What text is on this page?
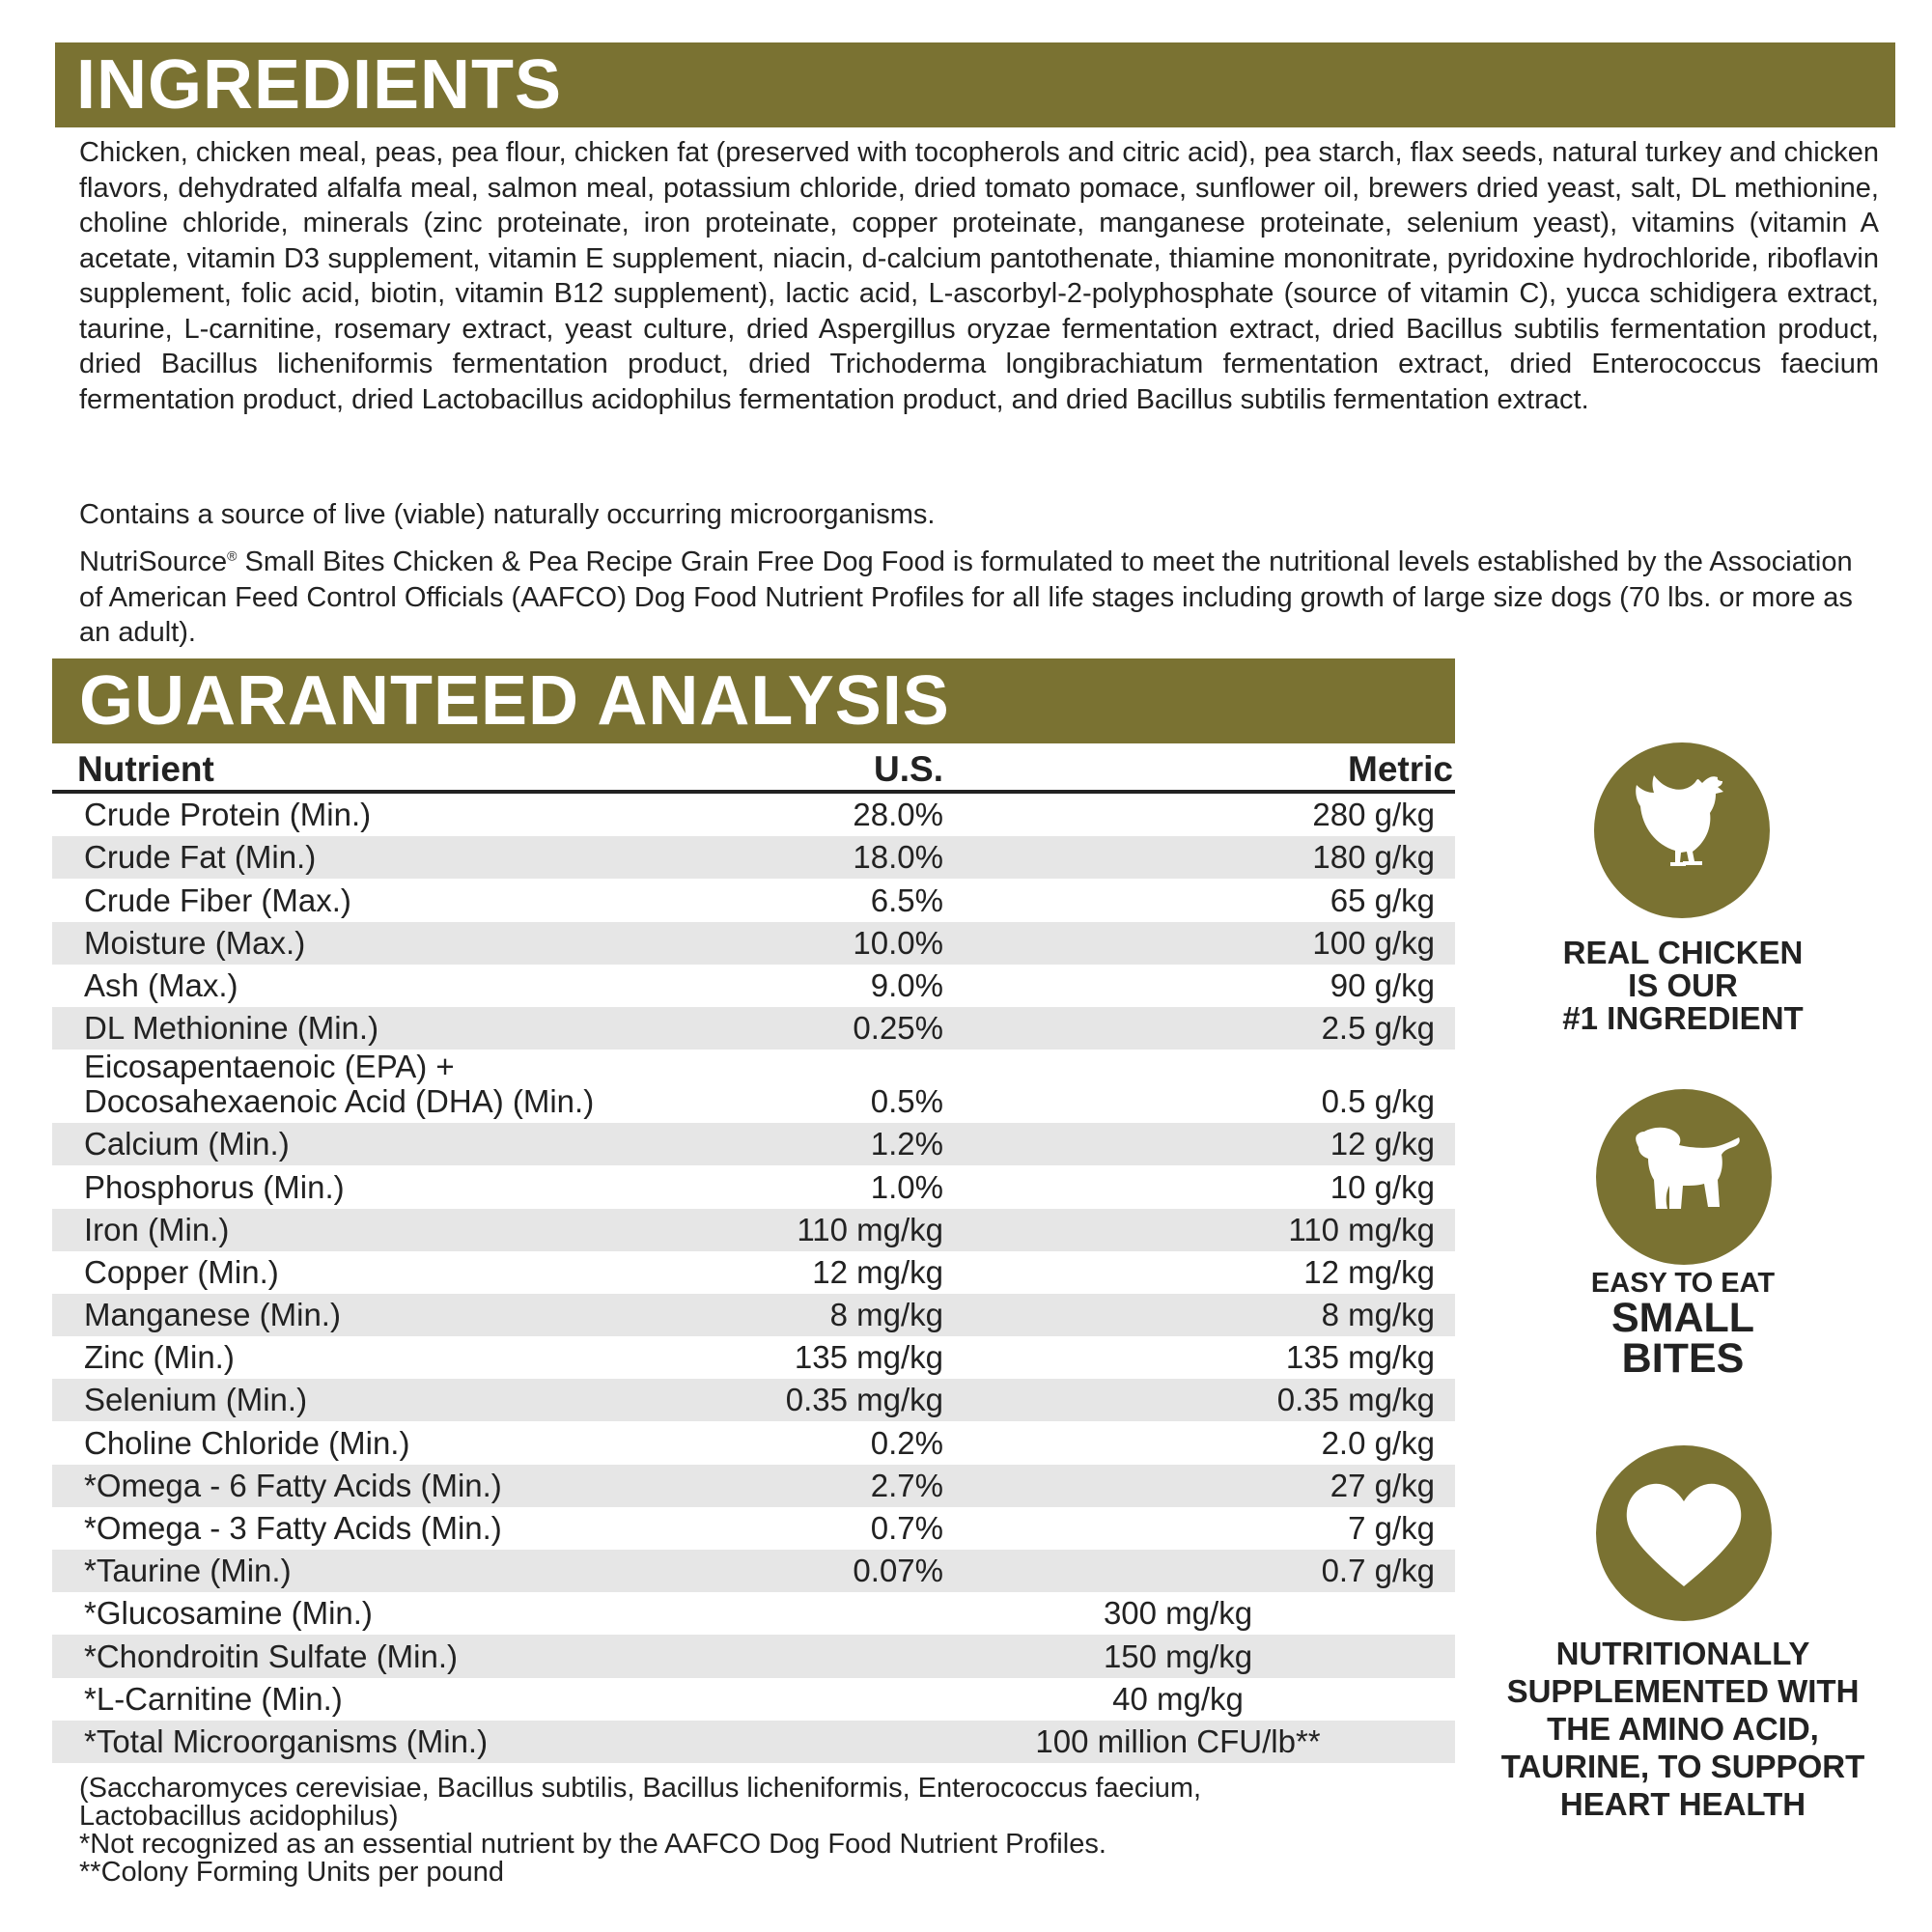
INGREDIENTS
Chicken, chicken meal, peas, pea flour, chicken fat (preserved with tocopherols and citric acid), pea starch, flax seeds, natural turkey and chicken flavors, dehydrated alfalfa meal, salmon meal, potassium chloride, dried tomato pomace, sunflower oil, brewers dried yeast, salt, DL methionine, choline chloride, minerals (zinc proteinate, iron proteinate, copper proteinate, manganese proteinate, selenium yeast), vitamins (vitamin A acetate, vitamin D3 supplement, vitamin E supplement, niacin, d-calcium pantothenate, thiamine mononitrate, pyridoxine hydrochloride, riboflavin supplement, folic acid, biotin, vitamin B12 supplement), lactic acid, L-ascorbyl-2-polyphosphate (source of vitamin C), yucca schidigera extract, taurine, L-carnitine, rosemary extract, yeast culture, dried Aspergillus oryzae fermentation extract, dried Bacillus subtilis fermentation product, dried Bacillus licheniformis fermentation product, dried Trichoderma longibrachiatum fermentation extract, dried Enterococcus faecium fermentation product, dried Lactobacillus acidophilus fermentation product, and dried Bacillus subtilis fermentation extract.
Contains a source of live (viable) naturally occurring microorganisms.
NutriSource® Small Bites Chicken & Pea Recipe Grain Free Dog Food is formulated to meet the nutritional levels established by the Association of American Feed Control Officials (AAFCO) Dog Food Nutrient Profiles for all life stages including growth of large size dogs (70 lbs. or more as an adult).
GUARANTEED ANALYSIS
Nutrient	U.S.	Metric
Crude Protein (Min.)	28.0%	280 g/kg
Crude Fat (Min.)	18.0%	180 g/kg
Crude Fiber (Max.)	6.5%	65 g/kg
Moisture (Max.)	10.0%	100 g/kg
Ash (Max.)	9.0%	90 g/kg
DL Methionine (Min.)	0.25%	2.5 g/kg
Eicosapentaenoic (EPA) +
Docosahexaenoic Acid (DHA) (Min.)	0.5%	0.5 g/kg
Calcium (Min.)	1.2%	12 g/kg
Phosphorus (Min.)	1.0%	10 g/kg
Iron (Min.)	110 mg/kg	110 mg/kg
Copper (Min.)	12 mg/kg	12 mg/kg
Manganese (Min.)	8 mg/kg	8 mg/kg
Zinc (Min.)	135 mg/kg	135 mg/kg
Selenium (Min.)	0.35 mg/kg	0.35 mg/kg
Choline Chloride (Min.)	0.2%	2.0 g/kg
*Omega - 6 Fatty Acids (Min.)	2.7%	27 g/kg
*Omega - 3 Fatty Acids (Min.)	0.7%	7 g/kg
*Taurine (Min.)	0.07%	0.7 g/kg
*Glucosamine (Min.)	300 mg/kg
*Chondroitin Sulfate (Min.)	150 mg/kg
*L-Carnitine (Min.)	40 mg/kg
*Total Microorganisms (Min.)	100 million CFU/lb**
(Saccharomyces cerevisiae, Bacillus subtilis, Bacillus licheniformis, Enterococcus faecium,
Lactobacillus acidophilus)
*Not recognized as an essential nutrient by the AAFCO Dog Food Nutrient Profiles.
**Colony Forming Units per pound
REAL CHICKEN
IS OUR
#1 INGREDIENT
EASY TO EAT
SMALL
BITES
NUTRITIONALLY
SUPPLEMENTED WITH
THE AMINO ACID,
TAURINE, TO SUPPORT
HEART HEALTH
